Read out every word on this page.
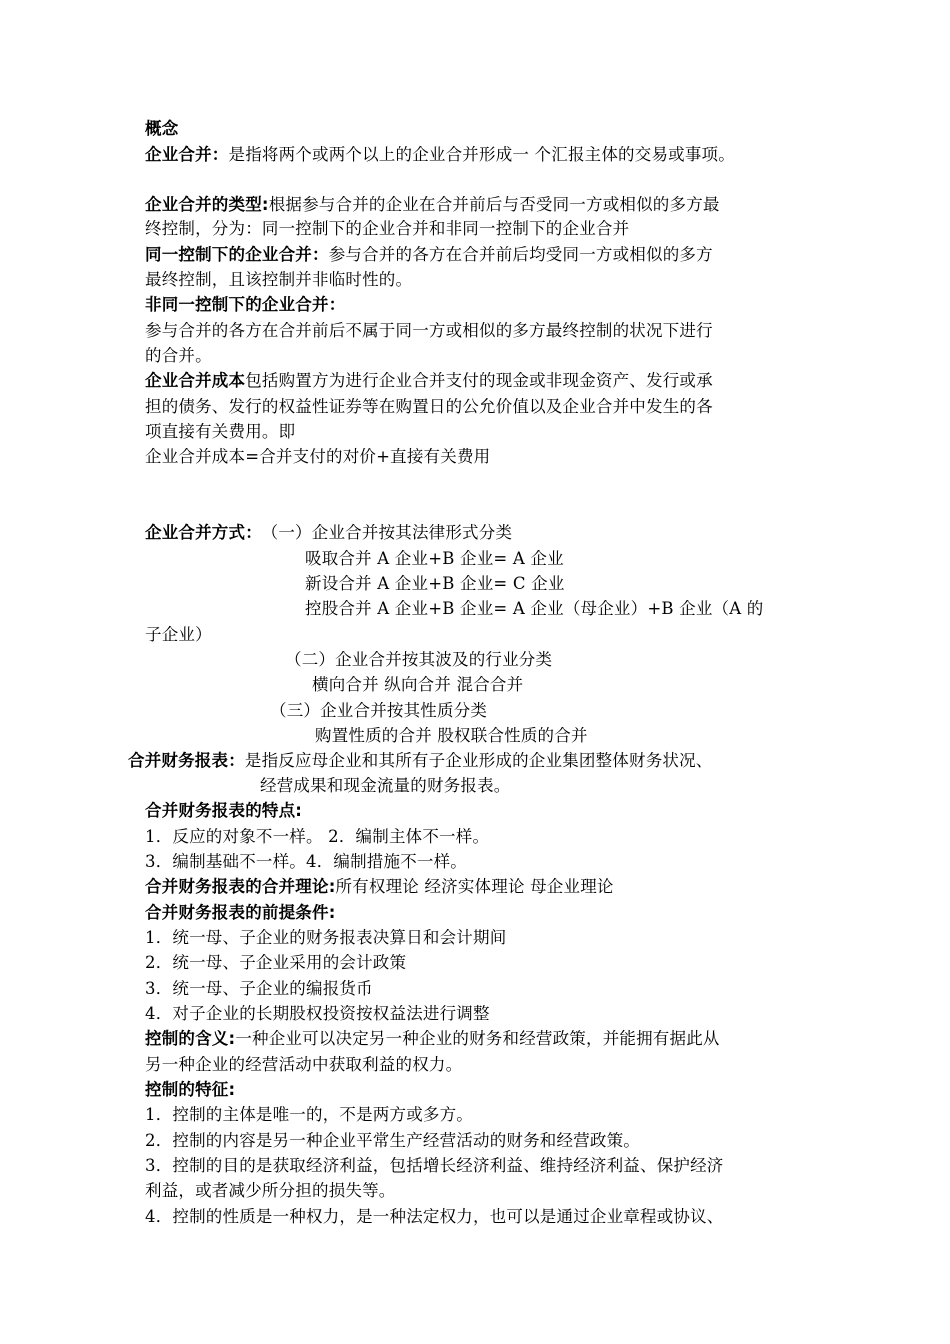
概念
企业合并：是指将两个或两个以上的企业合并形成一 个汇报主体的交易或事项。
企业合并的类型:根据参与合并的企业在合并前后与否受同一方或相似的多方最
终控制，分为：同一控制下的企业合并和非同一控制下的企业合并
同一控制下的企业合并：参与合并的各方在合并前后均受同一方或相似的多方
最终控制，且该控制并非临时性的。
非同一控制下的企业合并：
参与合并的各方在合并前后不属于同一方或相似的多方最终控制的状况下进行
的合并。
企业合并成本包括购置方为进行企业合并支付的现金或非现金资产、发行或承
担的债务、发行的权益性证券等在购置日的公允价值以及企业合并中发生的各
项直接有关费用。即
企业合并成本=合并支付的对价+直接有关费用
企业合并方式： （一）企业合并按其法律形式分类
吸取合并 A 企业+B 企业= A 企业
新设合并 A 企业+B 企业= C 企业
控股合并 A 企业+B 企业= A 企业（母企业）+B 企业（A 的
子企业）
（二）企业合并按其波及的行业分类
横向合并 纵向合并 混合合并
（三）企业合并按其性质分类
购置性质的合并 股权联合性质的合并
合并财务报表：是指反应母企业和其所有子企业形成的企业集团整体财务状况、
经营成果和现金流量的财务报表。
合并财务报表的特点:
1．反应的对象不一样。 2．编制主体不一样。
3．编制基础不一样。4．编制措施不一样。
合并财务报表的合并理论:所有权理论 经济实体理论 母企业理论
合并财务报表的前提条件:
1．统一母、子企业的财务报表决算日和会计期间
2．统一母、子企业采用的会计政策
3．统一母、子企业的编报货币
4．对子企业的长期股权投资按权益法进行调整
控制的含义:一种企业可以决定另一种企业的财务和经营政策，并能拥有据此从
另一种企业的经营活动中获取利益的权力。
控制的特征:
1．控制的主体是唯一的，不是两方或多方。
2．控制的内容是另一种企业平常生产经营活动的财务和经营政策。
3．控制的目的是获取经济利益，包括增长经济利益、维持经济利益、保护经济
利益，或者减少所分担的损失等。
4．控制的性质是一种权力，是一种法定权力，也可以是通过企业章程或协议、
